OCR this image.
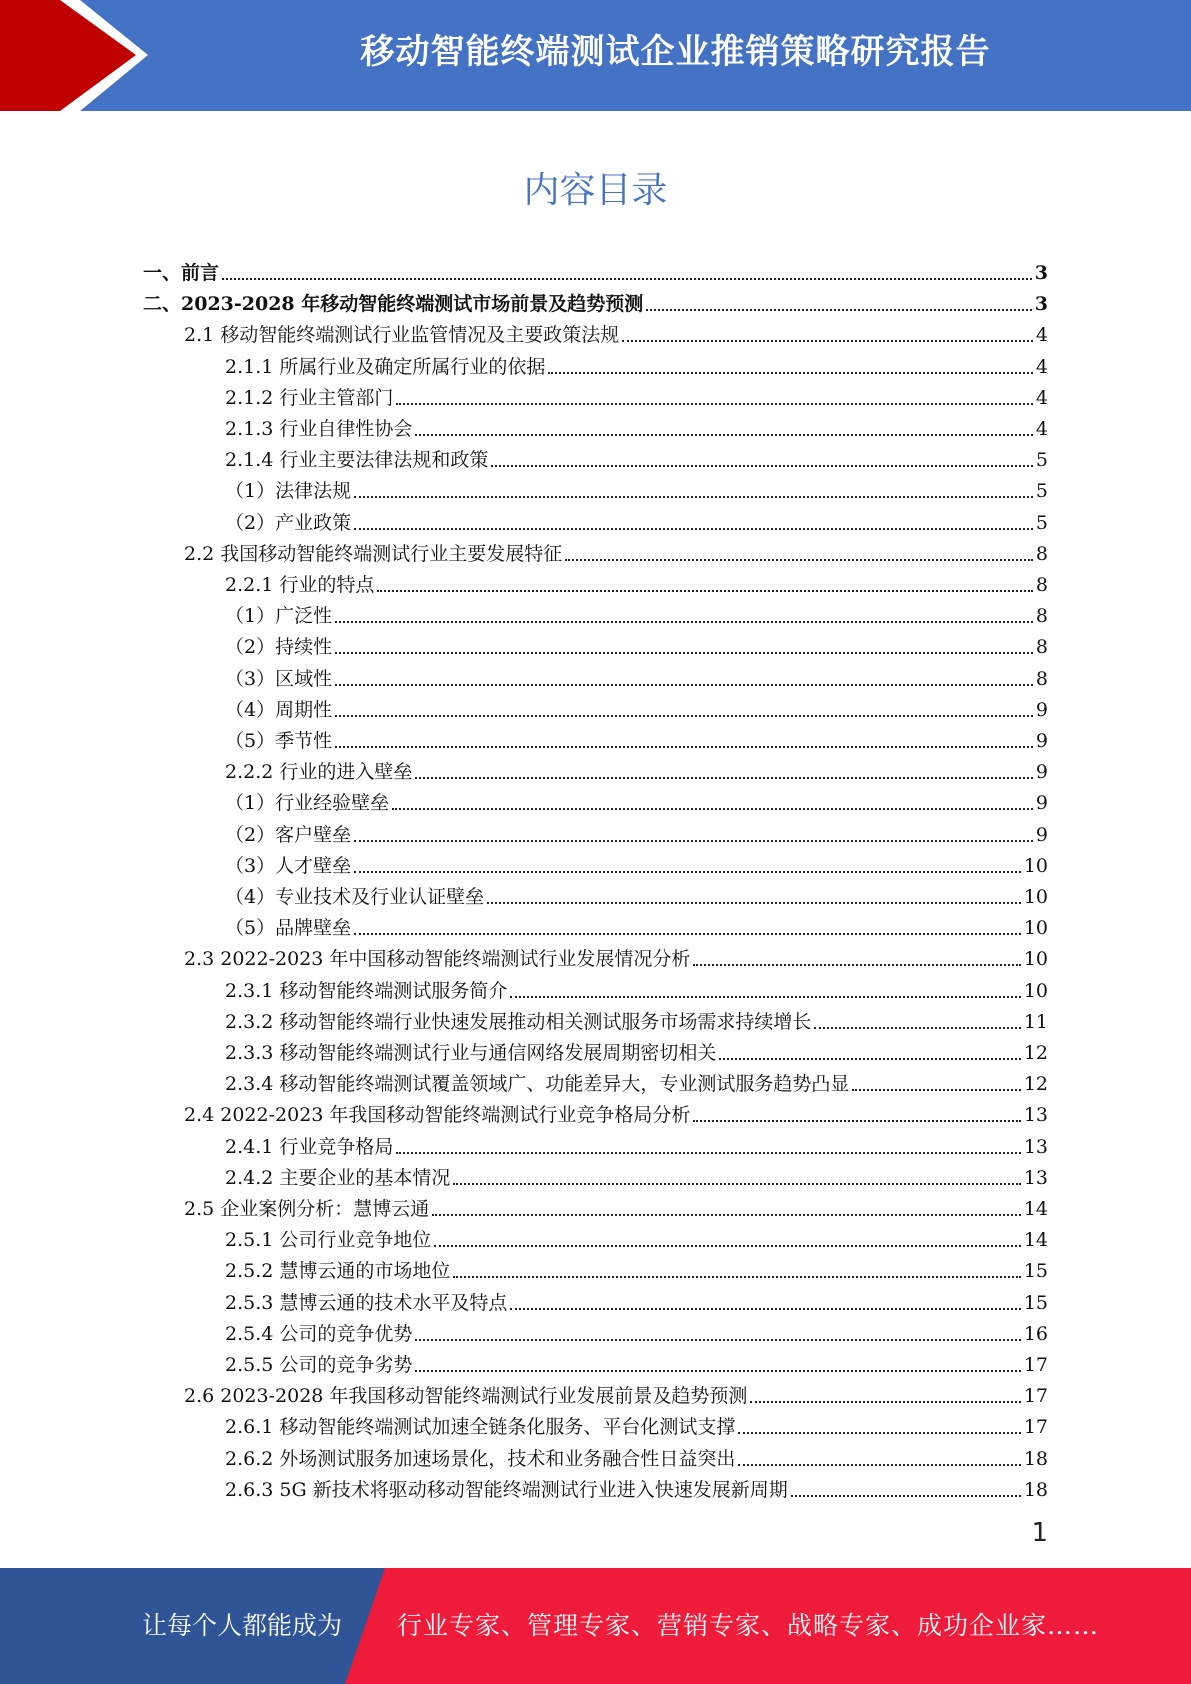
移动智能终端测试企业推销策略研究报告
内容目录
一、前言	3
二、2023-2028 年移动智能终端测试市场前景及趋势预测	3
2.1 移动智能终端测试行业监管情况及主要政策法规	4
2.1.1 所属行业及确定所属行业的依据	4
2.1.2 行业主管部门	4
2.1.3 行业自律性协会	4
2.1.4 行业主要法律法规和政策	5
（1）法律法规	5
（2）产业政策	5
2.2 我国移动智能终端测试行业主要发展特征	8
2.2.1 行业的特点	8
（1）广泛性	8
（2）持续性	8
（3）区域性	8
（4）周期性	9
（5）季节性	9
2.2.2 行业的进入壁垒	9
（1）行业经验壁垒	9
（2）客户壁垒	9
（3）人才壁垒	10
（4）专业技术及行业认证壁垒	10
（5）品牌壁垒	10
2.3 2022-2023 年中国移动智能终端测试行业发展情况分析	10
2.3.1 移动智能终端测试服务简介	10
2.3.2 移动智能终端行业快速发展推动相关测试服务市场需求持续增长	11
2.3.3 移动智能终端测试行业与通信网络发展周期密切相关	12
2.3.4 移动智能终端测试覆盖领域广、功能差异大，专业测试服务趋势凸显	12
2.4 2022-2023 年我国移动智能终端测试行业竞争格局分析	13
2.4.1 行业竞争格局	13
2.4.2 主要企业的基本情况	13
2.5 企业案例分析：慧博云通	14
2.5.1 公司行业竞争地位	14
2.5.2 慧博云通的市场地位	15
2.5.3 慧博云通的技术水平及特点	15
2.5.4 公司的竞争优势	16
2.5.5 公司的竞争劣势	17
2.6 2023-2028 年我国移动智能终端测试行业发展前景及趋势预测	17
2.6.1 移动智能终端测试加速全链条化服务、平台化测试支撑	17
2.6.2 外场测试服务加速场景化，技术和业务融合性日益突出	18
2.6.3 5G 新技术将驱动移动智能终端测试行业进入快速发展新周期	18
1
让每个人都能成为 行业专家、管理专家、营销专家、战略专家、成功企业家……
